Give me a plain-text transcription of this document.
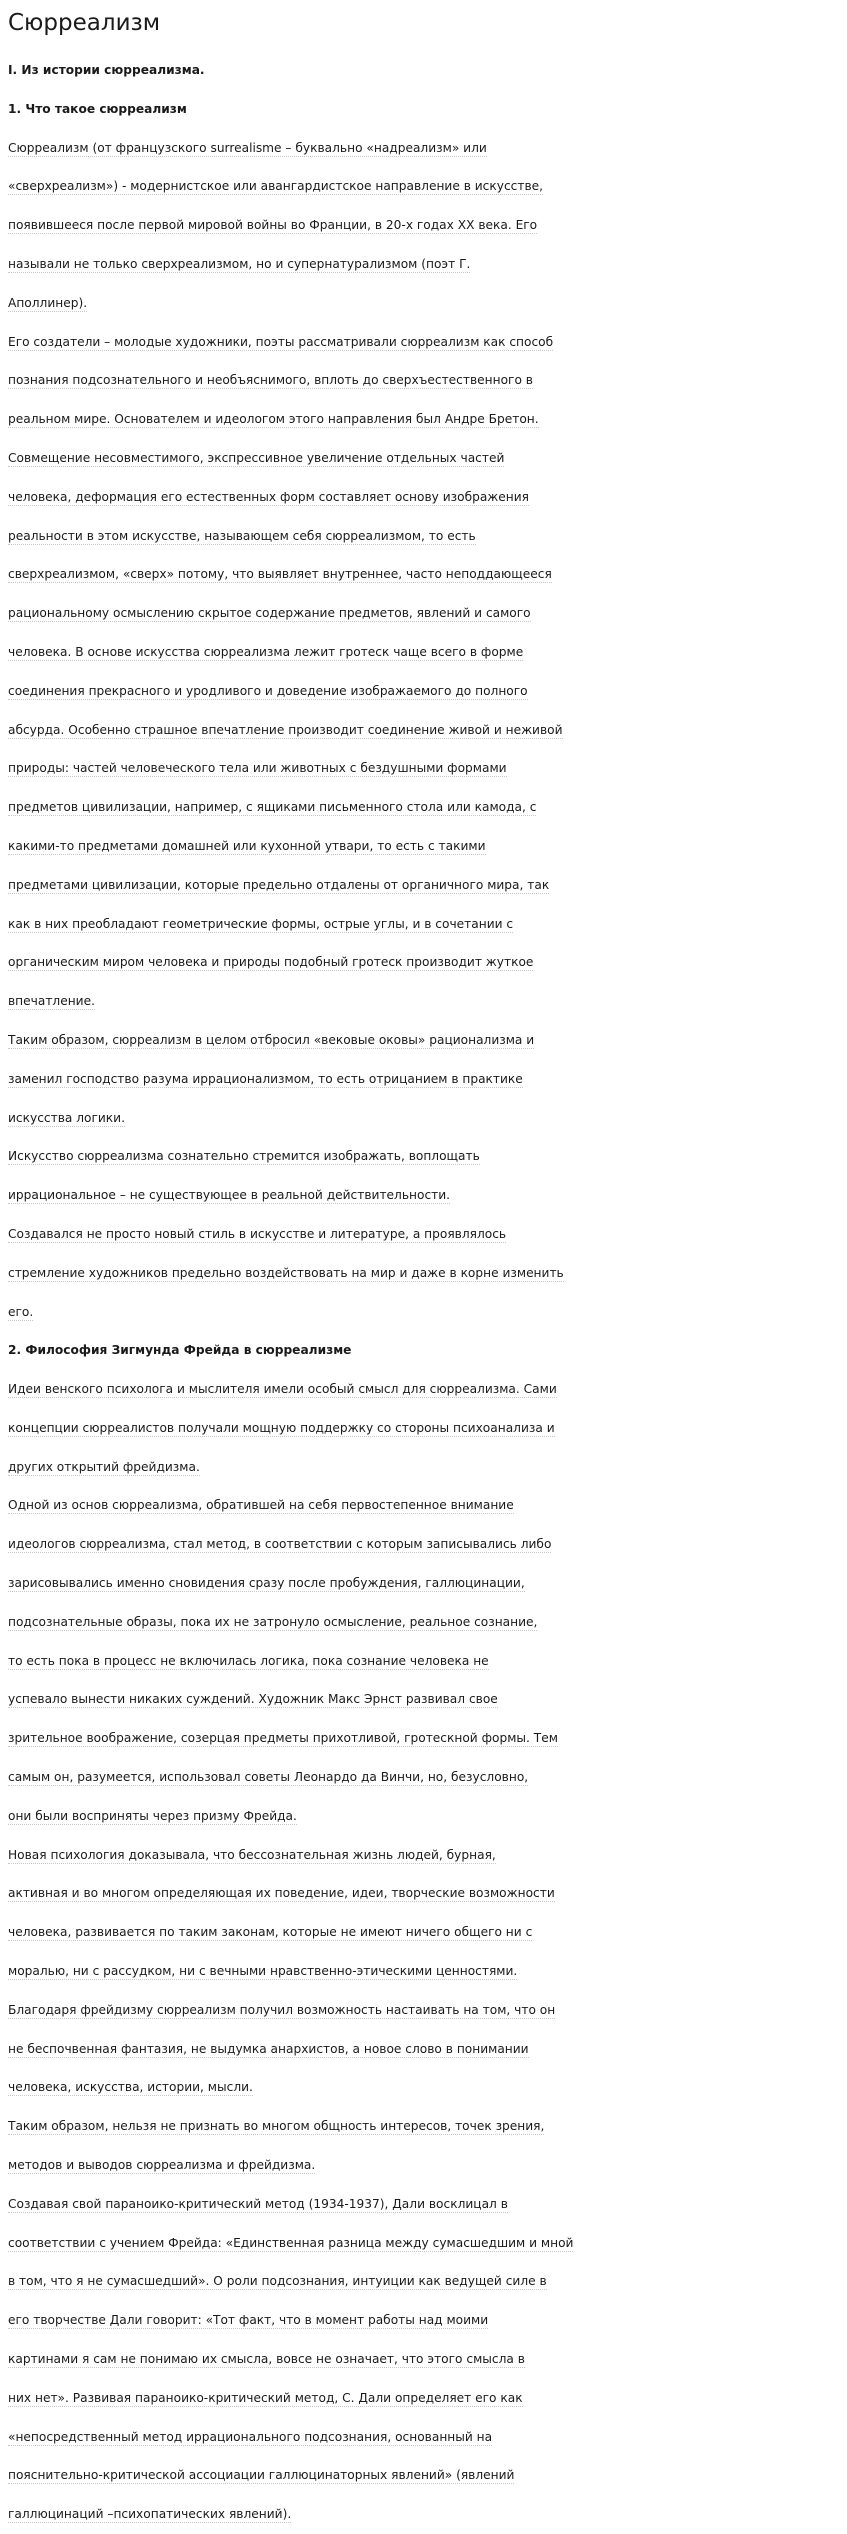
Сюрреализм
I. Из истории сюрреализма.
1. Что такое сюрреализм
Сюрреализм (от французского surrealisme – буквально «надреализм» или
«сверхреализм») - модернистское или авангардистское направление в искусстве,
появившееся после первой мировой войны во Франции, в 20-х годах XX века. Его
называли не только сверхреализмом, но и супернатурализмом (поэт Г.
Аполлинер).
Его создатели – молодые художники, поэты рассматривали сюрреализм как способ
познания подсознательного и необъяснимого, вплоть до сверхъестественного в
реальном мире. Основателем и идеологом этого направления был Андре Бретон.
Совмещение несовместимого, экспрессивное увеличение отдельных частей
человека, деформация его естественных форм составляет основу изображения
реальности в этом искусстве, называющем себя сюрреализмом, то есть
сверхреализмом, «сверх» потому, что выявляет внутреннее, часто неподдающееся
рациональному осмыслению скрытое содержание предметов, явлений и самого
человека. В основе искусства сюрреализма лежит гротеск чаще всего в форме
соединения прекрасного и уродливого и доведение изображаемого до полного
абсурда. Особенно страшное впечатление производит соединение живой и неживой
природы: частей человеческого тела или животных с бездушными формами
предметов цивилизации, например, с ящиками письменного стола или камода, с
какими-то предметами домашней или кухонной утвари, то есть с такими
предметами цивилизации, которые предельно отдалены от органичного мира, так
как в них преобладают геометрические формы, острые углы, и в сочетании с
органическим миром человека и природы подобный гротеск производит жуткое
впечатление.
Таким образом, сюрреализм в целом отбросил «вековые оковы» рационализма и
заменил господство разума иррационализмом, то есть отрицанием в практике
искусства логики.
Искусство сюрреализма сознательно стремится изображать, воплощать
иррациональное – не существующее в реальной действительности.
Создавался не просто новый стиль в искусстве и литературе, а проявлялось
стремление художников предельно воздействовать на мир и даже в корне изменить
его.
2. Философия Зигмунда Фрейда в сюрреализме
Идеи венского психолога и мыслителя имели особый смысл для сюрреализма. Сами
концепции сюрреалистов получали мощную поддержку со стороны психоанализа и
других открытий фрейдизма.
Одной из основ сюрреализма, обратившей на себя первостепенное внимание
идеологов сюрреализма, стал метод, в соответствии с которым записывались либо
зарисовывались именно сновидения сразу после пробуждения, галлюцинации,
подсознательные образы, пока их не затронуло осмысление, реальное сознание,
то есть пока в процесс не включилась логика, пока сознание человека не
успевало вынести никаких суждений. Художник Макс Эрнст развивал свое
зрительное воображение, созерцая предметы прихотливой, гротескной формы. Тем
самым он, разумеется, использовал советы Леонардо да Винчи, но, безусловно,
они были восприняты через призму Фрейда.
Новая психология доказывала, что бессознательная жизнь людей, бурная,
активная и во многом определяющая их поведение, идеи, творческие возможности
человека, развивается по таким законам, которые не имеют ничего общего ни с
моралью, ни с рассудком, ни с вечными нравственно-этическими ценностями.
Благодаря фрейдизму сюрреализм получил возможность настаивать на том, что он
не беспочвенная фантазия, не выдумка анархистов, а новое слово в понимании
человека, искусства, истории, мысли.
Таким образом, нельзя не признать во многом общность интересов, точек зрения,
методов и выводов сюрреализма и фрейдизма.
Создавая свой параноико-критический метод (1934-1937), Дали восклицал в
соответствии с учением Фрейда: «Единственная разница между сумасшедшим и мной
в том, что я не сумасшедший». О роли подсознания, интуиции как ведущей силе в
его творчестве Дали говорит: «Тот факт, что в момент работы над моими
картинами я сам не понимаю их смысла, вовсе не означает, что этого смысла в
них нет». Развивая параноико-критический метод, С. Дали определяет его как
«непосредственный метод иррационального подсознания, основанный на
пояснительно-критической ассоциации галлюцинаторных явлений» (явлений
галлюцинаций –психопатических явлений).
